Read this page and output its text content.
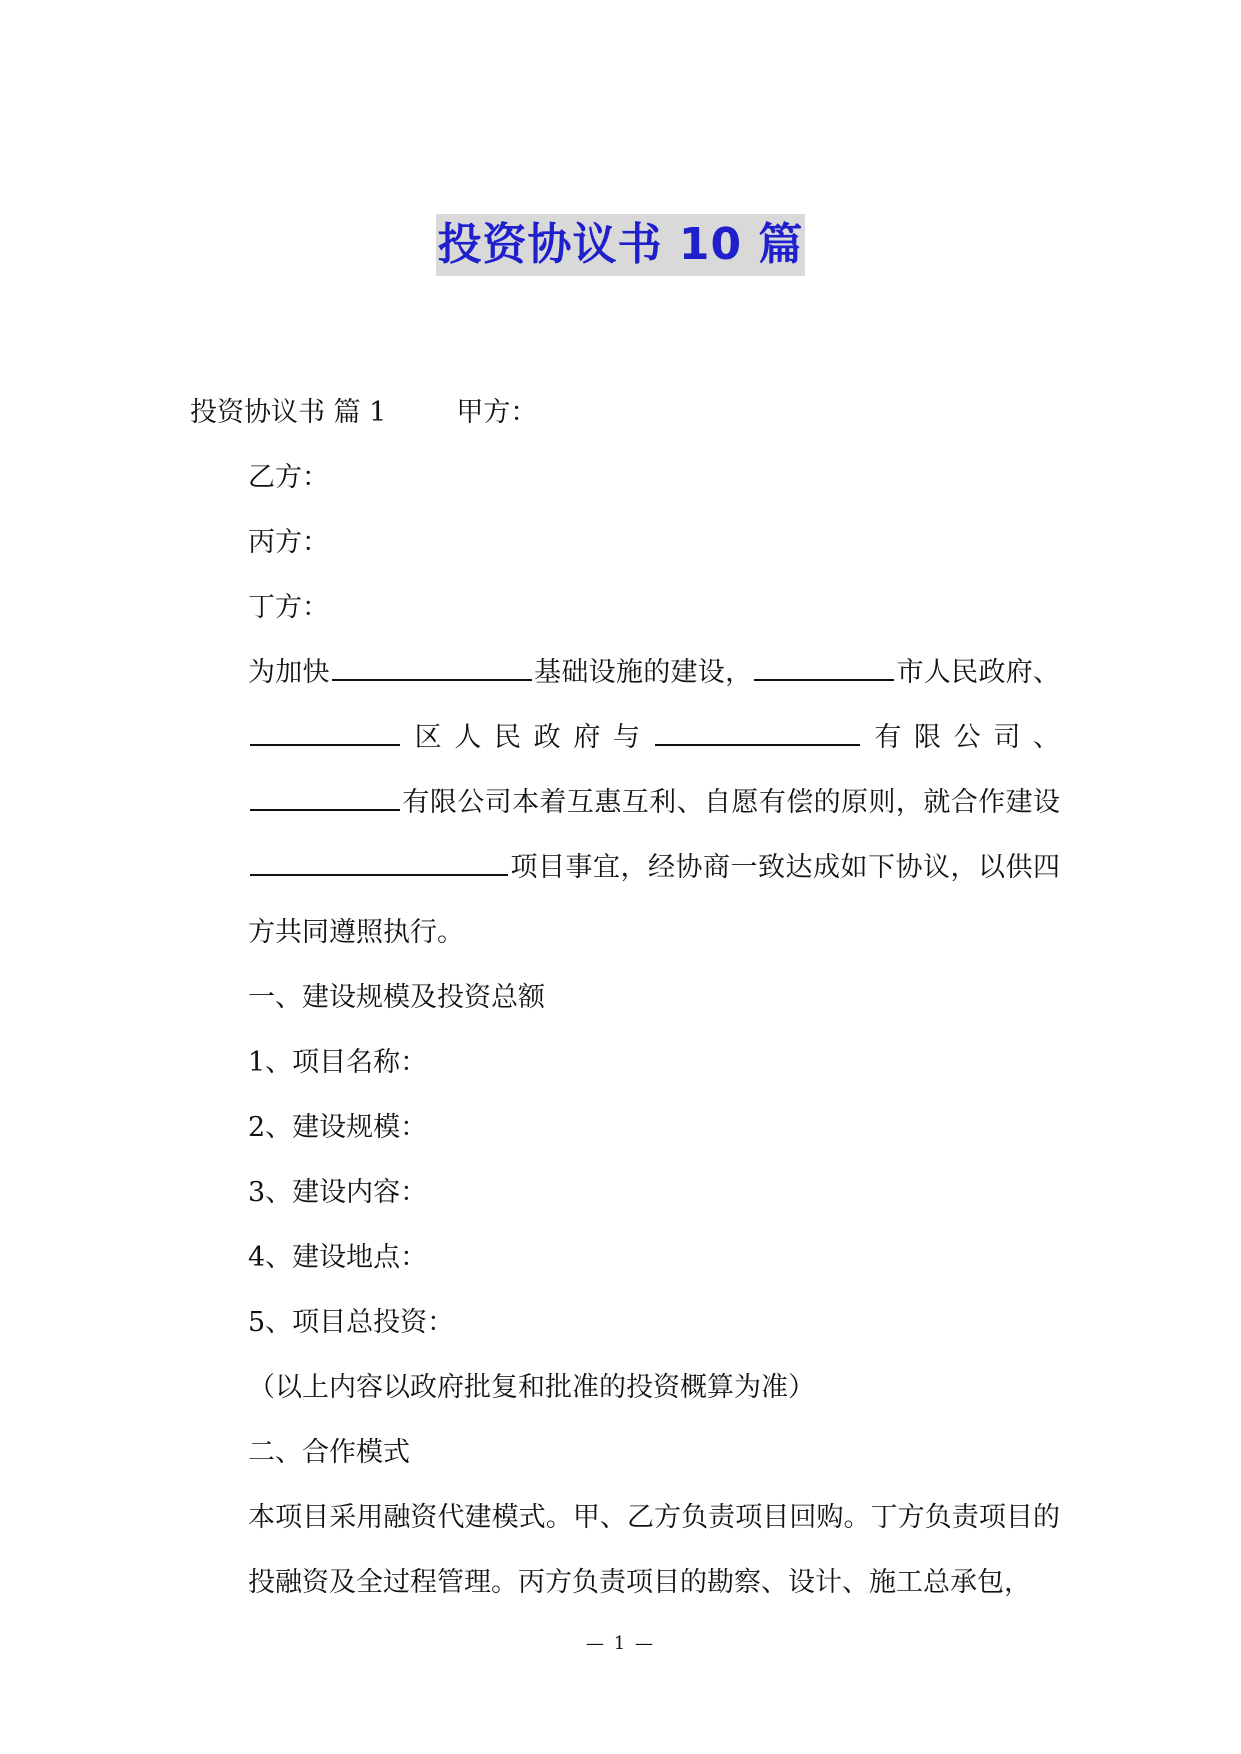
投资协议书 10 篇

投资协议书 篇 1	甲方：

乙方：

丙方：

丁方：

为加快	基础设施的建设，	市人民政府、区人民政府与	有限公司、有限公司本着互惠互利、自愿有偿的原则，就合作建设项目事宜，经协商一致达成如下协议，以供四方共同遵照执行。

一、建设规模及投资总额

1、项目名称：

2、建设规模：

3、建设内容：

4、建设地点：

5、项目总投资：

（以上内容以政府批复和批准的投资概算为准）

二、合作模式

本项目采用融资代建模式。甲、乙方负责项目回购。丁方负责项目的投融资及全过程管理。丙方负责项目的勘察、设计、施工总承包，

— 1 —
